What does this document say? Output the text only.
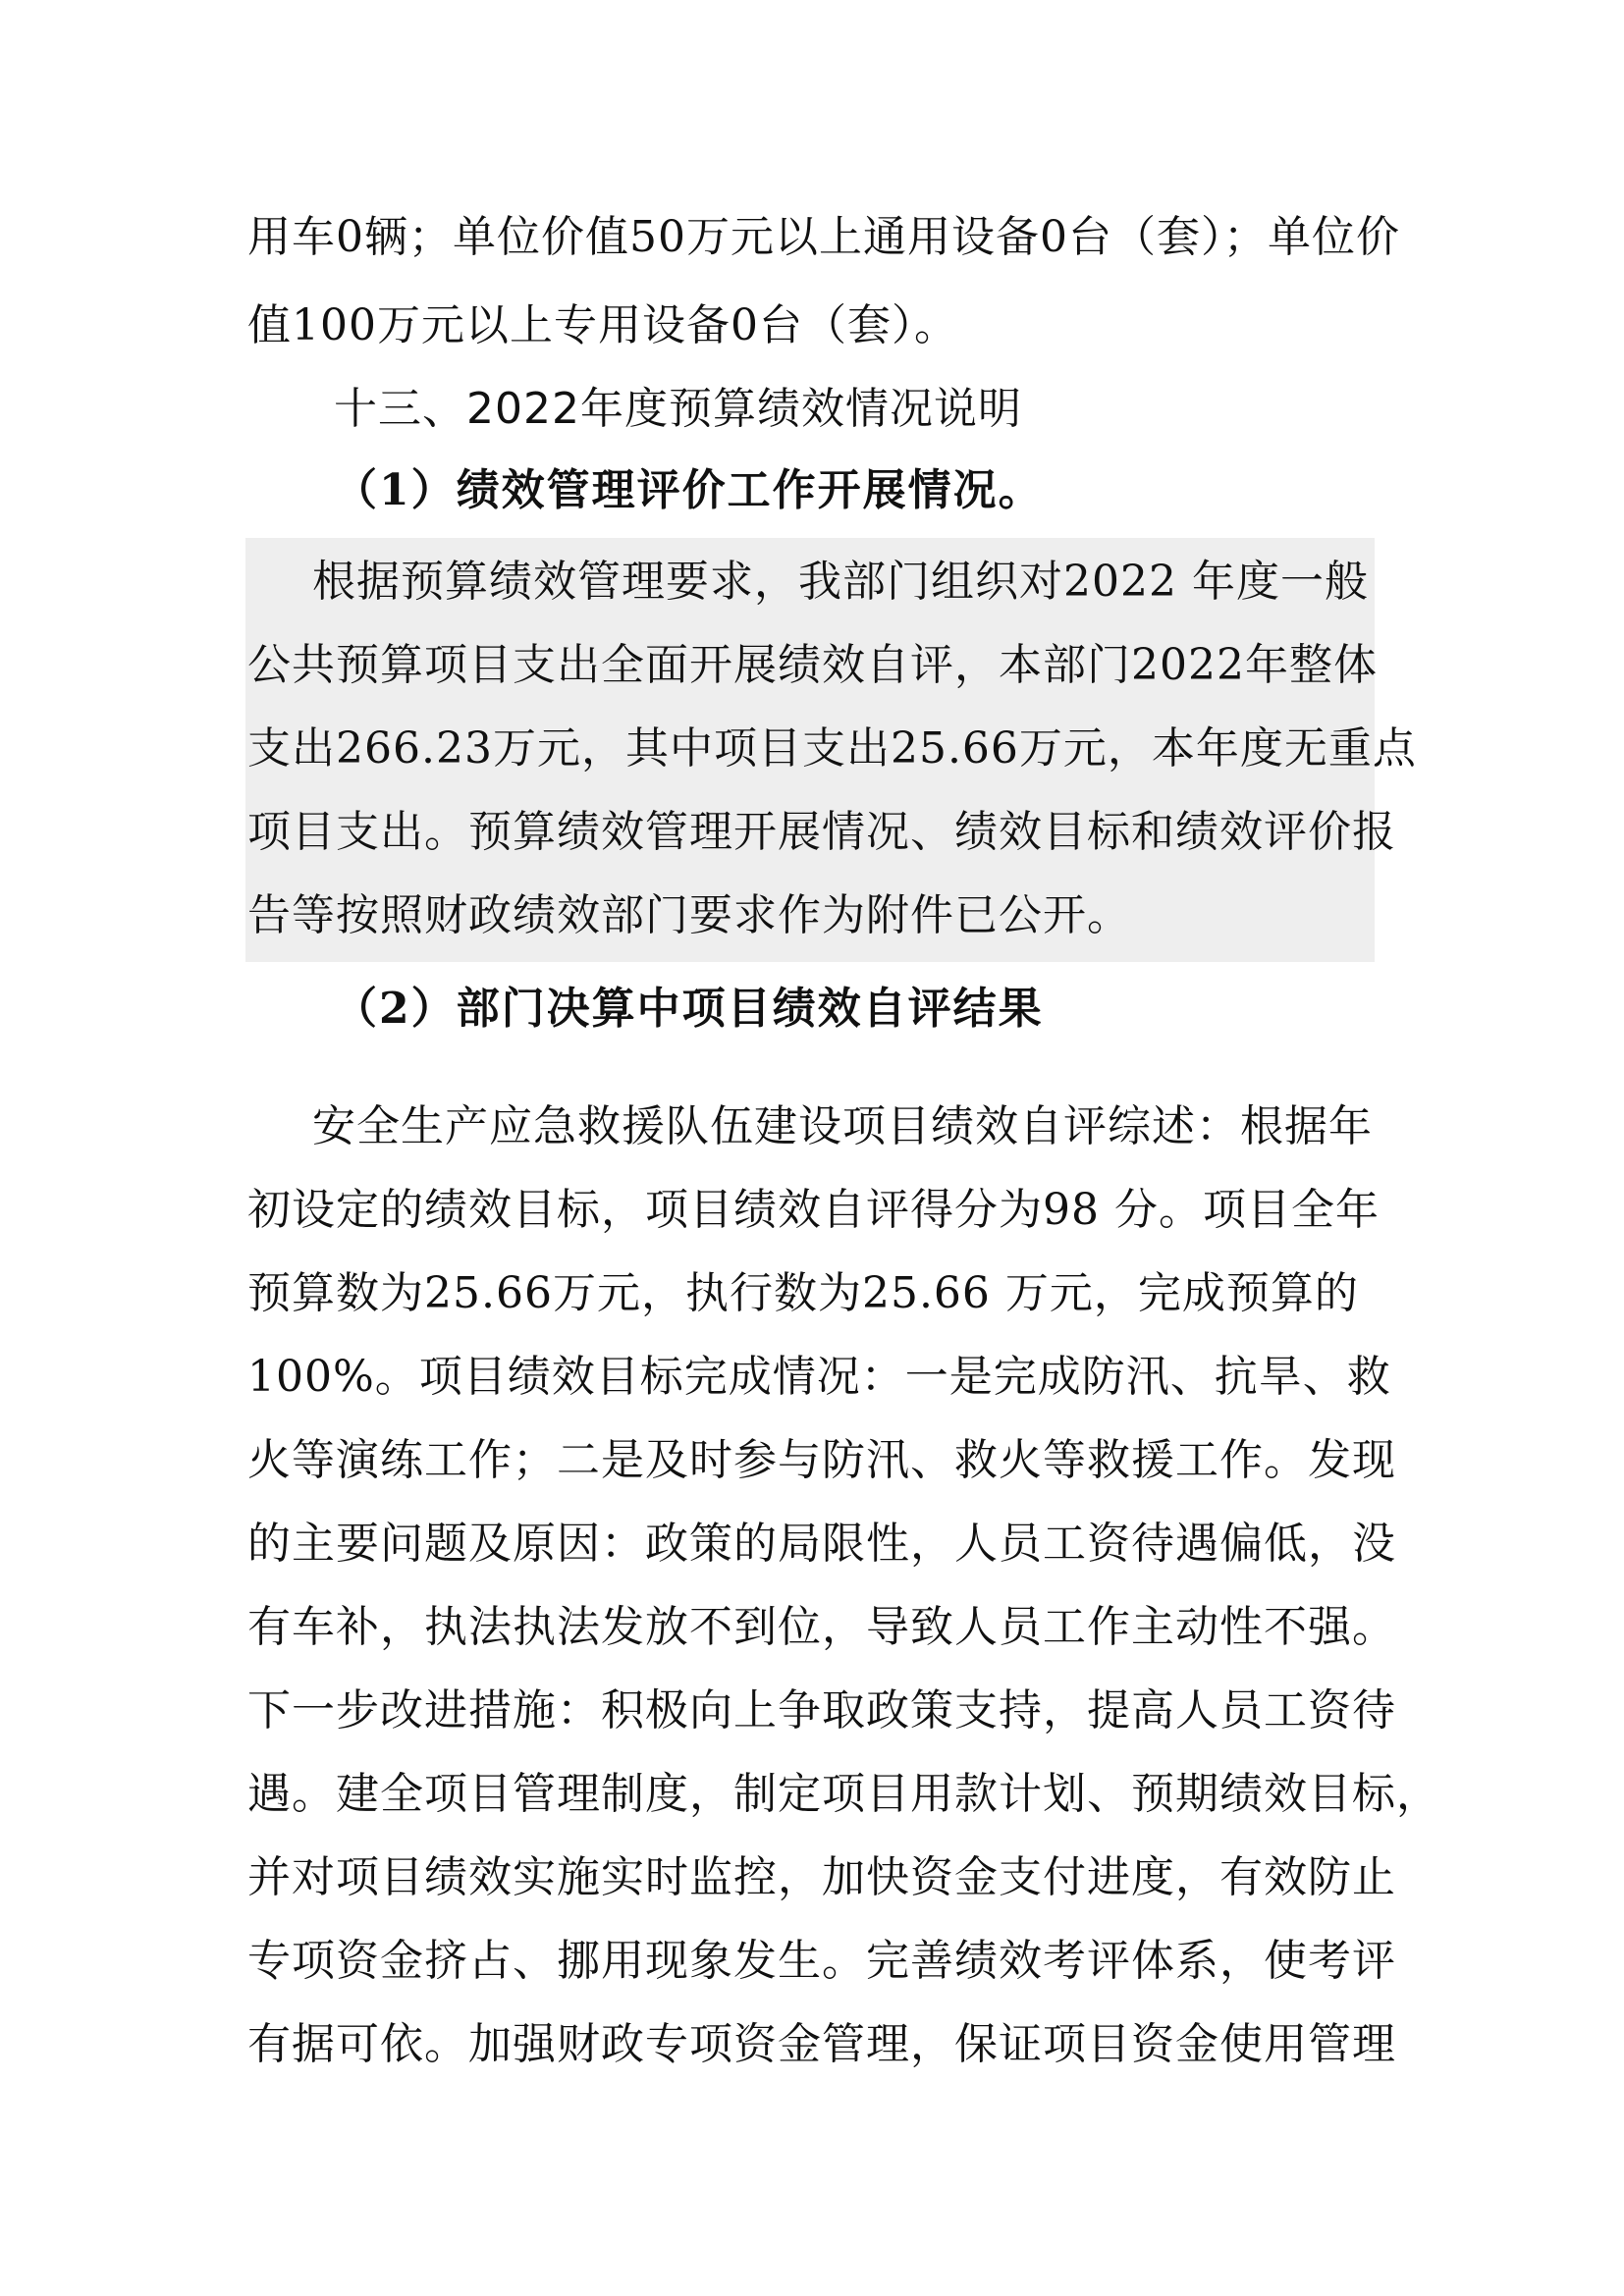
用车0辆；单位价值50万元以上通用设备0台（套）；单位价
值100万元以上专用设备0台（套）。
十三、2022年度预算绩效情况说明
（1）绩效管理评价工作开展情况。
根据预算绩效管理要求，我部门组织对2022 年度一般
公共预算项目支出全面开展绩效自评，本部门2022年整体
支出266.23万元，其中项目支出25.66万元，本年度无重点
项目支出。预算绩效管理开展情况、绩效目标和绩效评价报
告等按照财政绩效部门要求作为附件已公开。
（2）部门决算中项目绩效自评结果
安全生产应急救援队伍建设项目绩效自评综述：根据年
初设定的绩效目标，项目绩效自评得分为98 分。项目全年
预算数为25.66万元，执行数为25.66 万元，完成预算的
100%。项目绩效目标完成情况：一是完成防汛、抗旱、救
火等演练工作；二是及时参与防汛、救火等救援工作。发现
的主要问题及原因：政策的局限性，人员工资待遇偏低，没
有车补，执法执法发放不到位，导致人员工作主动性不强。
下一步改进措施：积极向上争取政策支持，提高人员工资待
遇。建全项目管理制度，制定项目用款计划、预期绩效目标，
并对项目绩效实施实时监控，加快资金支付进度，有效防止
专项资金挤占、挪用现象发生。完善绩效考评体系，使考评
有据可依。加强财政专项资金管理，保证项目资金使用管理
